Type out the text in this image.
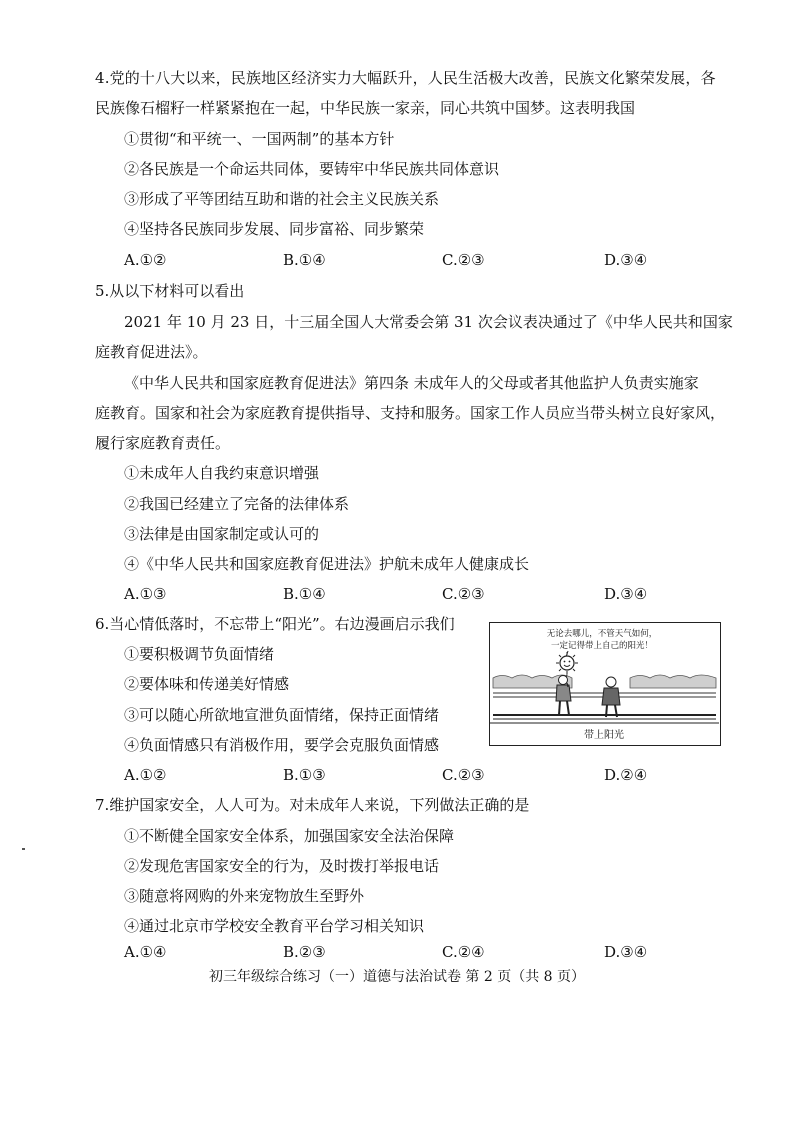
4.党的十八大以来，民族地区经济实力大幅跃升，人民生活极大改善，民族文化繁荣发展，各
民族像石榴籽一样紧紧抱在一起，中华民族一家亲，同心共筑中国梦。这表明我国
①贯彻“和平统一、一国两制”的基本方针
②各民族是一个命运共同体，要铸牢中华民族共同体意识
③形成了平等团结互助和谐的社会主义民族关系
④坚持各民族同步发展、同步富裕、同步繁荣
A.①②	B.①④	C.②③	D.③④
5.从以下材料可以看出
2021 年 10 月 23 日，十三届全国人大常委会第 31 次会议表决通过了《中华人民共和国家
庭教育促进法》。
《中华人民共和国家庭教育促进法》第四条 未成年人的父母或者其他监护人负责实施家
庭教育。国家和社会为家庭教育提供指导、支持和服务。国家工作人员应当带头树立良好家风，
履行家庭教育责任。
①未成年人自我约束意识增强
②我国已经建立了完备的法律体系
③法律是由国家制定或认可的
④《中华人民共和国家庭教育促进法》护航未成年人健康成长
A.①③	B.①④	C.②③	D.③④
6.当心情低落时，不忘带上“阳光”。右边漫画启示我们
①要积极调节负面情绪
②要体味和传递美好情感
③可以随心所欲地宣泄负面情绪，保持正面情绪
④负面情感只有消极作用，要学会克服负面情感
A.①②	B.①③	C.②③	D.②④
无论去哪儿，不管天气如何，
一定记得带上自己的阳光！
带上阳光
7.维护国家安全，人人可为。对未成年人来说，下列做法正确的是
①不断健全国家安全体系，加强国家安全法治保障
②发现危害国家安全的行为，及时拨打举报电话
③随意将网购的外来宠物放生至野外
④通过北京市学校安全教育平台学习相关知识
A.①④	B.②③	C.②④	D.③④
初三年级综合练习（一）道德与法治试卷 第 2 页（共 8 页）
